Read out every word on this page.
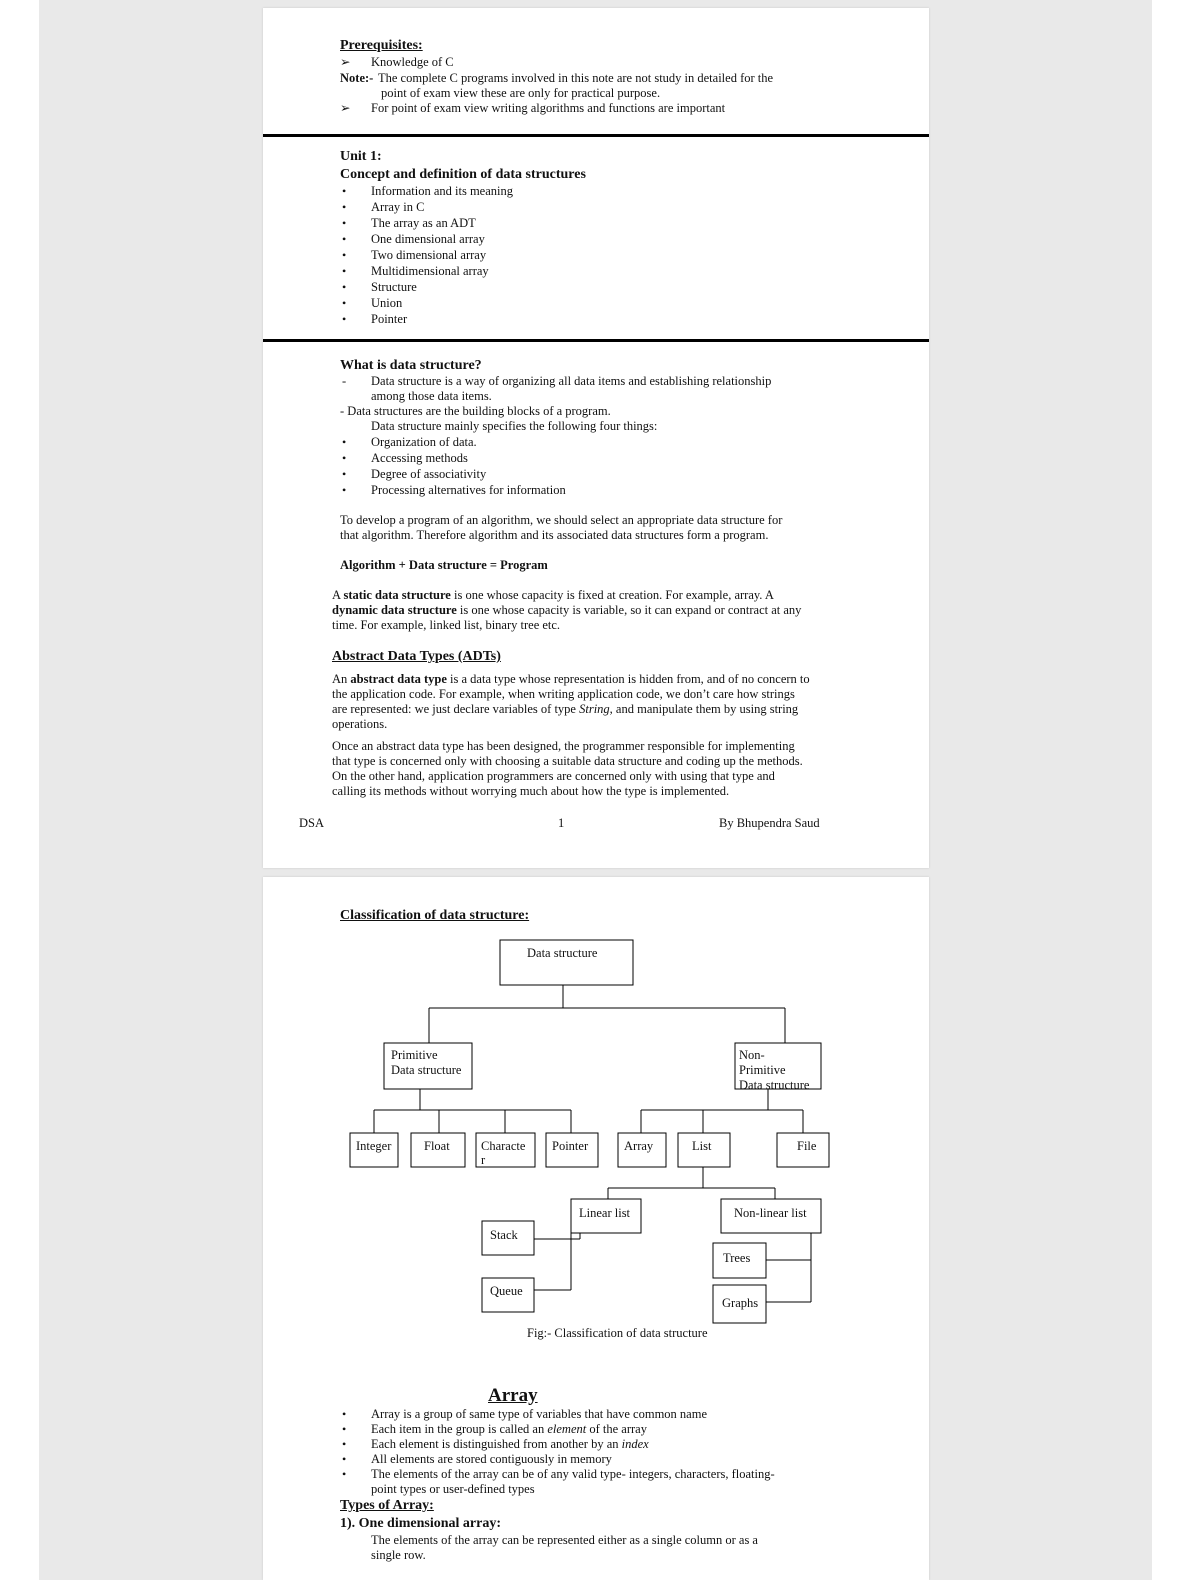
Prerequisites:
➢ Knowledge of C
Note:- The complete C programs involved in this note are not study in detailed for the
point of exam view these are only for practical purpose.
➢ For point of exam view writing algorithms and functions are important
Unit 1:
Concept and definition of data structures
• Information and its meaning
• Array in C
• The array as an ADT
• One dimensional array
• Two dimensional array
• Multidimensional array
• Structure
• Union
• Pointer
What is data structure?
- Data structure is a way of organizing all data items and establishing relationship
among those data items.
- Data structures are the building blocks of a program.
Data structure mainly specifies the following four things:
• Organization of data.
• Accessing methods
• Degree of associativity
• Processing alternatives for information
To develop a program of an algorithm, we should select an appropriate data structure for
that algorithm. Therefore algorithm and its associated data structures form a program.
Algorithm + Data structure = Program
A static data structure is one whose capacity is fixed at creation. For example, array. A
dynamic data structure is one whose capacity is variable, so it can expand or contract at any
time. For example, linked list, binary tree etc.
Abstract Data Types (ADTs)
An abstract data type is a data type whose representation is hidden from, and of no concern to
the application code. For example, when writing application code, we don’t care how strings
are represented: we just declare variables of type String, and manipulate them by using string
operations.
Once an abstract data type has been designed, the programmer responsible for implementing
that type is concerned only with choosing a suitable data structure and coding up the methods.
On the other hand, application programmers are concerned only with using that type and
calling its methods without worrying much about how the type is implemented.
DSA	1	By Bhupendra Saud
Classification of data structure:
Data structure
Primitive
Data structure
Non-
Primitive
Data structure
Integer	Float	Characte
r
Pointer	Array	List	File
Linear list	Non-linear list
Stack
Queue
Trees
Graphs
Fig:- Classification of data structure
Array
• Array is a group of same type of variables that have common name
• Each item in the group is called an element of the array
• Each element is distinguished from another by an index
• All elements are stored contiguously in memory
• The elements of the array can be of any valid type- integers, characters, floating-
point types or user-defined types
Types of Array:
1). One dimensional array:
The elements of the array can be represented either as a single column or as a
single row.
